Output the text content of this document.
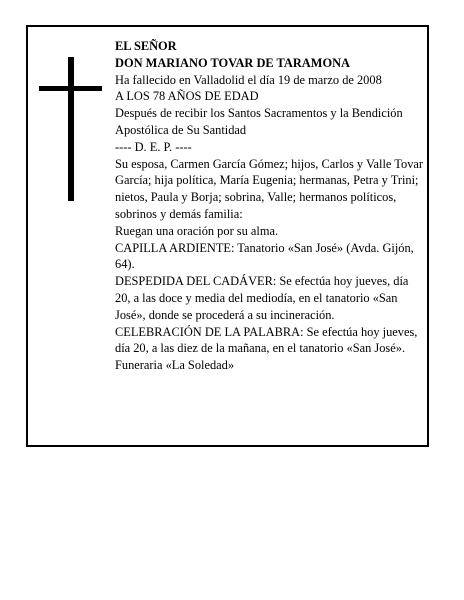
EL SEÑOR

DON MARIANO TOVAR DE TARAMONA

Ha fallecido en Valladolid el día 19 de marzo de 2008

A LOS 78 AÑOS DE EDAD

Después de recibir los Santos Sacramentos y la Bendición Apostólica de Su Santidad

---- D. E. P. ----

Su esposa, Carmen García Gómez; hijos, Carlos y Valle Tovar García; hija política, María Eugenia; hermanas, Petra y Trini; nietos, Paula y Borja; sobrina, Valle; hermanos políticos, sobrinos y demás familia:

Ruegan una oración por su alma.

CAPILLA ARDIENTE: Tanatorio «San José» (Avda. Gijón, 64).

DESPEDIDA DEL CADÁVER: Se efectúa hoy jueves, día 20, a las doce y media del mediodía, en el tanatorio «San José», donde se procederá a su incineración.

CELEBRACIÓN DE LA PALABRA: Se efectúa hoy jueves, día 20, a las diez de la mañana, en el tanatorio «San José».

Funeraria «La Soledad»
